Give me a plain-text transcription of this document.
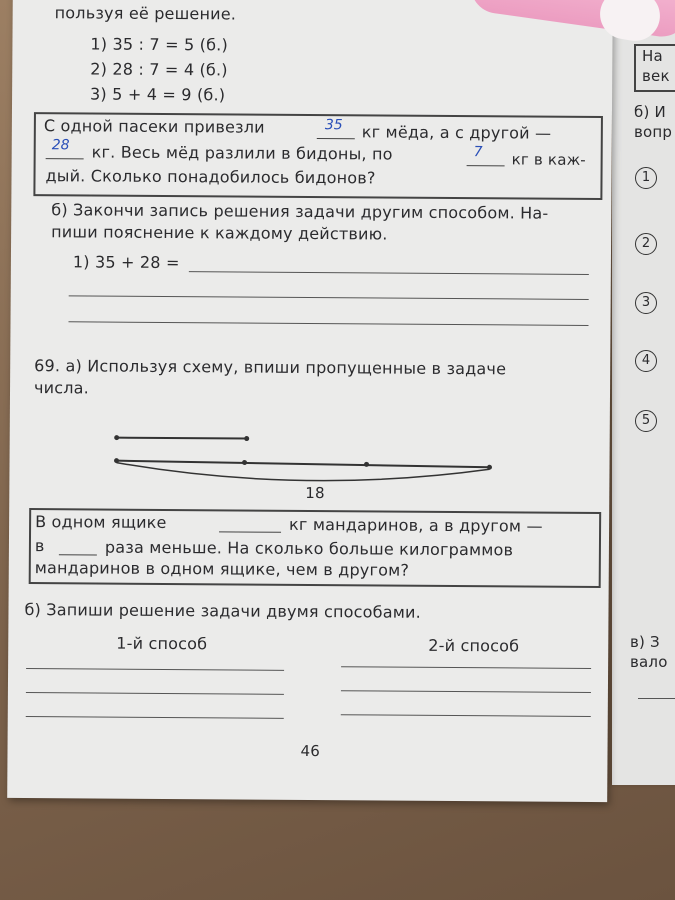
На
век
б) И
вопр
1
2
3
4
5
в) З
вало
пользуя её решение.
1) 35 : 7 = 5 (б.)
2) 28 : 7 = 4 (б.)
3) 5 + 4 = 9 (б.)
С одной пасеки привезли	35 кг мёда, а с другой —
28 кг. Весь мёд разлили в бидоны, по	7 кг в каж-
дый. Сколько понадобилось бидонов?
б) Закончи запись решения задачи другим способом. На-
пиши пояснение к каждому действию.
1) 35 + 28 =
69. а) Используя схему, впиши пропущенные в задаче
числа.
18
В одном ящике	кг мандаринов, а в другом —
в	раза меньше. На сколько больше килограммов
мандаринов в одном ящике, чем в другом?
б) Запиши решение задачи двумя способами.
1-й способ	2-й способ
46
